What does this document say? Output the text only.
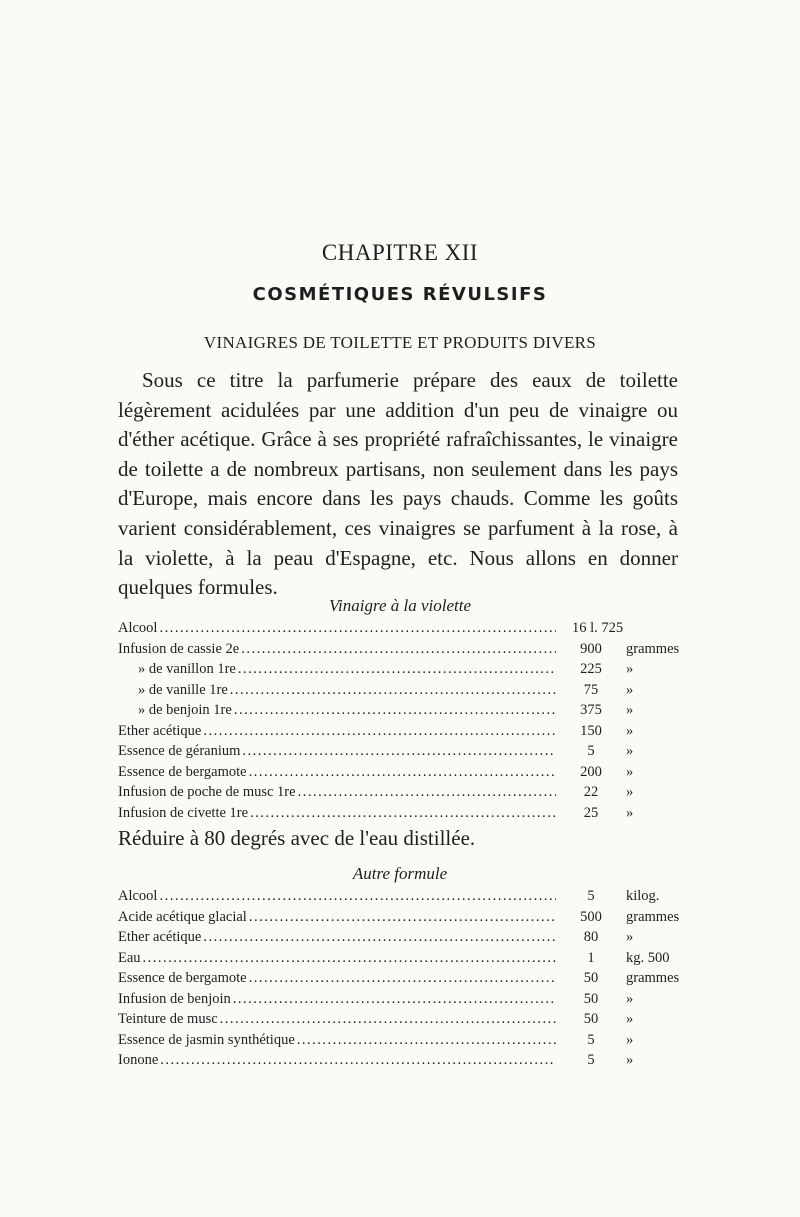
CHAPITRE XII
COSMÉTIQUES RÉVULSIFS
VINAIGRES DE TOILETTE ET PRODUITS DIVERS
Sous ce titre la parfumerie prépare des eaux de toilette légèrement acidulées par une addition d'un peu de vinaigre ou d'éther acétique. Grâce à ses propriété rafraîchissantes, le vinaigre de toilette a de nombreux partisans, non seulement dans les pays d'Europe, mais encore dans les pays chauds. Comme les goûts varient considérablement, ces vinaigres se parfument à la rose, à la violette, à la peau d'Espagne, etc. Nous allons en donner quelques formules.
Vinaigre à la violette
Alcool .....	16 l. 725
Infusion de cassie 2e .....	900 grammes
» de vanillon 1re .....	225 »
» de vanille 1re .....	75 »
» de benjoin 1re .....	375 »
Ether acétique .....	150 »
Essence de géranium .....	5 »
Essence de bergamote .....	200 »
Infusion de poche de musc 1re .....	22 »
Infusion de civette 1re .....	25 »
Réduire à 80 degrés avec de l'eau distillée.
Autre formule
Alcool .....	5 kilog.
Acide acétique glacial .....	500 grammes
Ether acétique .....	80 »
Eau .....	1 kg. 500
Essence de bergamote .....	50 grammes
Infusion de benjoin .....	50 »
Teinture de musc .....	50 »
Essence de jasmin synthétique .....	5 »
Ionone .....	5 »
